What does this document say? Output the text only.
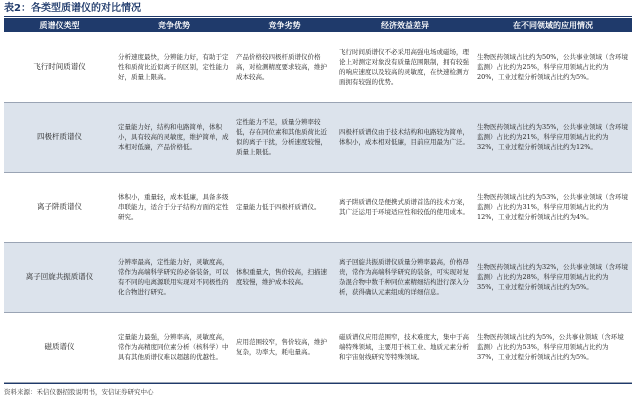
表2：各类型质谱仪的对比情况
质谱仪类型	竞争优势	竞争劣势	经济效益差异	在不同领域的应用情况
飞行时间质谱仪	分析速度最快，分辨能力好，有助于定性和质荷比近似离子的区别，定性能力好，质量上限高。	产品价格较四极杆质谱仪价格高，对检测精度要求较高，维护成本较高。	飞行时间质谱仪不必采用高强电场或磁场，理论上对测定对象没有质量范围限制，拥有较强的响应速度以及较高的灵敏度，在快速检测方面拥有较强的优势。	生物医药领域占比约为50%，公共事业领域（含环境监测）占比约为25%，科学应用领域占比约为20%，工业过程分析领域占比约为5%。
四极杆质谱仪	定量能力好，结构和电路简单，体积小，具有较高的灵敏度，维护简单，成本相对低廉，产品价格低。	定性能力不足，质量分辨率较低，存在同位素和其他质荷比近似的离子干扰，分析速度较慢，质量上限低。	四极杆质谱仪由于技术结构和电路较为简单，体积小，成本相对低廉，目前应用最为广泛。	生物医药领域占比约为35%，公共事业领域（含环境监测）占比约为21%，科学应用领域占比约为32%，工业过程分析领域占比约为12%。
离子阱质谱仪	体积小，重量轻，成本低廉，具备多级串联能力，适合于分子结构方面的定性研究。	定量能力低于四极杆质谱仪。	离子阱质谱仪是便携式质谱首选的技术方案，其广泛运用于环境适应性和较低的使用成本。	生物医药领域占比约为53%，公共事业领域（含环境监测）占比约为31%，科学应用领域占比约为12%，工业过程分析领域占比约为4%。
离子回旋共振质谱仪	分辨率最高，定性能力好，灵敏度高，常作为高端科学研究的必备装备，可以有不同的电离源联用实现对不同极性的化合物进行研究。	体积重量大，售价较高，扫描速度较慢，维护成本较高。	离子回旋共振质谱仪质量分辨率最高，价格昂贵，常作为高端科学研究的装备，可实现对复杂混合物中数千种同位素精细结构进行深入分析，获得确认元素组成的详细信息。	生物医药领域占比约为32%，公共事业领域（含环境监测）占比约为28%，科学应用领域占比约为35%，工业过程分析领域占比约为5%。
磁质谱仪	定量能力最强，分辨率高，灵敏度高，常作为高精度同位素分析（核科学）中具有其他质谱仪难以超越的优越性。	应用范围较窄，售价较高，维护复杂，功率大，耗电量高。	磁质谱仪应用范围窄，技术难度大，集中于高端特殊领域，主要用于核工业、地质元素分析和宇宙射线研究等特殊领域。	生物医药领域占比约为5%，公共事业领域（含环境监测）占比约为53%，科学应用领域占比约为37%，工业过程分析领域占比约为5%。
资料来源：禾信仪器招股说明书，安信证券研究中心
